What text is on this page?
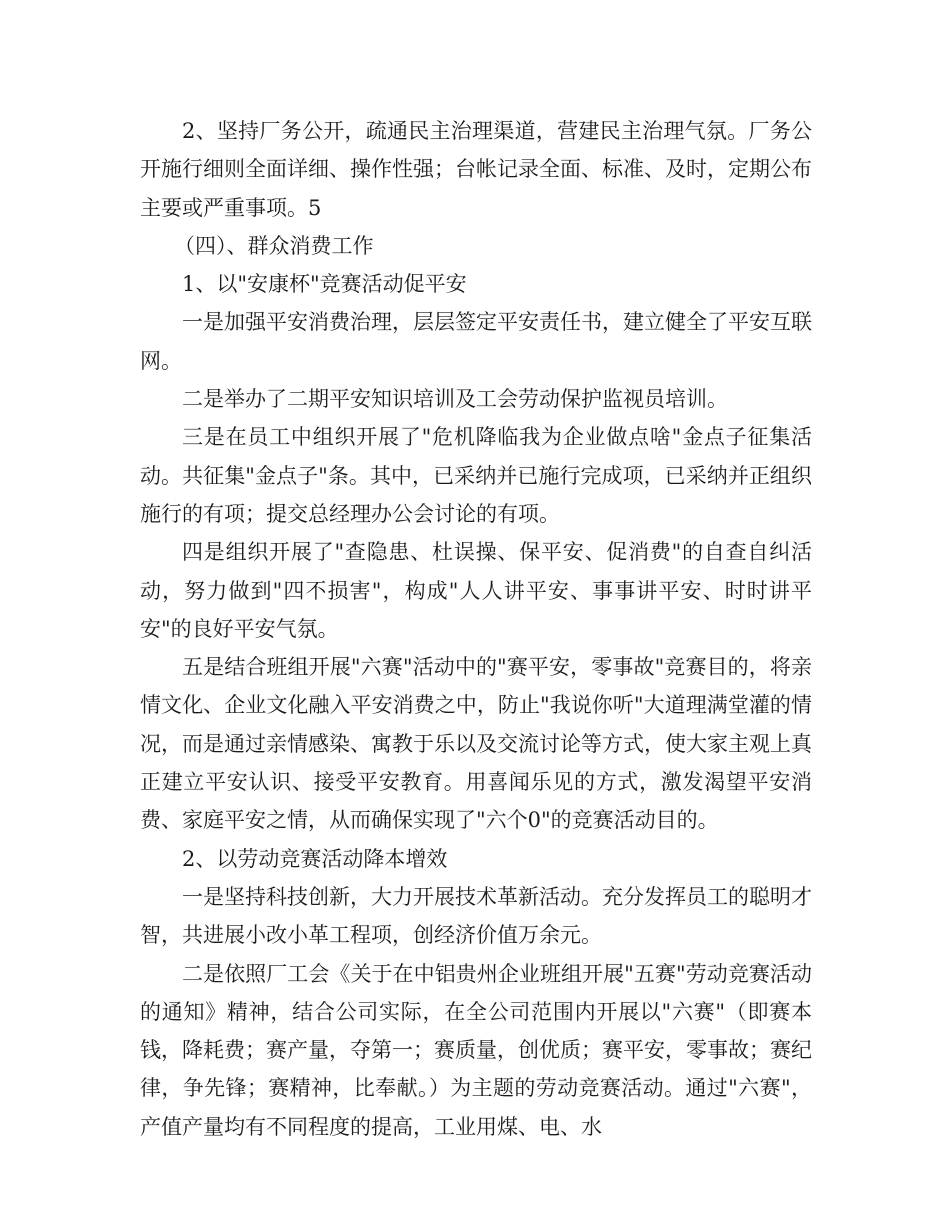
2、坚持厂务公开，疏通民主治理渠道，营建民主治理气氛。厂务公开施行细则全面详细、操作性强；台帐记录全面、标准、及时，定期公布主要或严重事项。5

（四）、群众消费工作

1、以"安康杯"竞赛活动促平安

一是加强平安消费治理，层层签定平安责任书，建立健全了平安互联网。

二是举办了二期平安知识培训及工会劳动保护监视员培训。

三是在员工中组织开展了"危机降临我为企业做点啥"金点子征集活动。共征集"金点子"条。其中，已采纳并已施行完成项，已采纳并正组织施行的有项；提交总经理办公会讨论的有项。

四是组织开展了"查隐患、杜误操、保平安、促消费"的自查自纠活动，努力做到"四不损害"，构成"人人讲平安、事事讲平安、时时讲平安"的良好平安气氛。

五是结合班组开展"六赛"活动中的"赛平安，零事故"竞赛目的，将亲情文化、企业文化融入平安消费之中，防止"我说你听"大道理满堂灌的情况，而是通过亲情感染、寓教于乐以及交流讨论等方式，使大家主观上真正建立平安认识、接受平安教育。用喜闻乐见的方式，激发渴望平安消费、家庭平安之情，从而确保实现了"六个0"的竞赛活动目的。

2、以劳动竞赛活动降本增效

一是坚持科技创新，大力开展技术革新活动。充分发挥员工的聪明才智，共进展小改小革工程项，创经济价值万余元。

二是依照厂工会《关于在中铝贵州企业班组开展"五赛"劳动竞赛活动的通知》精神，结合公司实际，在全公司范围内开展以"六赛"（即赛本钱，降耗费；赛产量，夺第一；赛质量，创优质；赛平安，零事故；赛纪律，争先锋；赛精神，比奉献。）为主题的劳动竞赛活动。通过"六赛"，产值产量均有不同程度的提高，工业用煤、电、水
